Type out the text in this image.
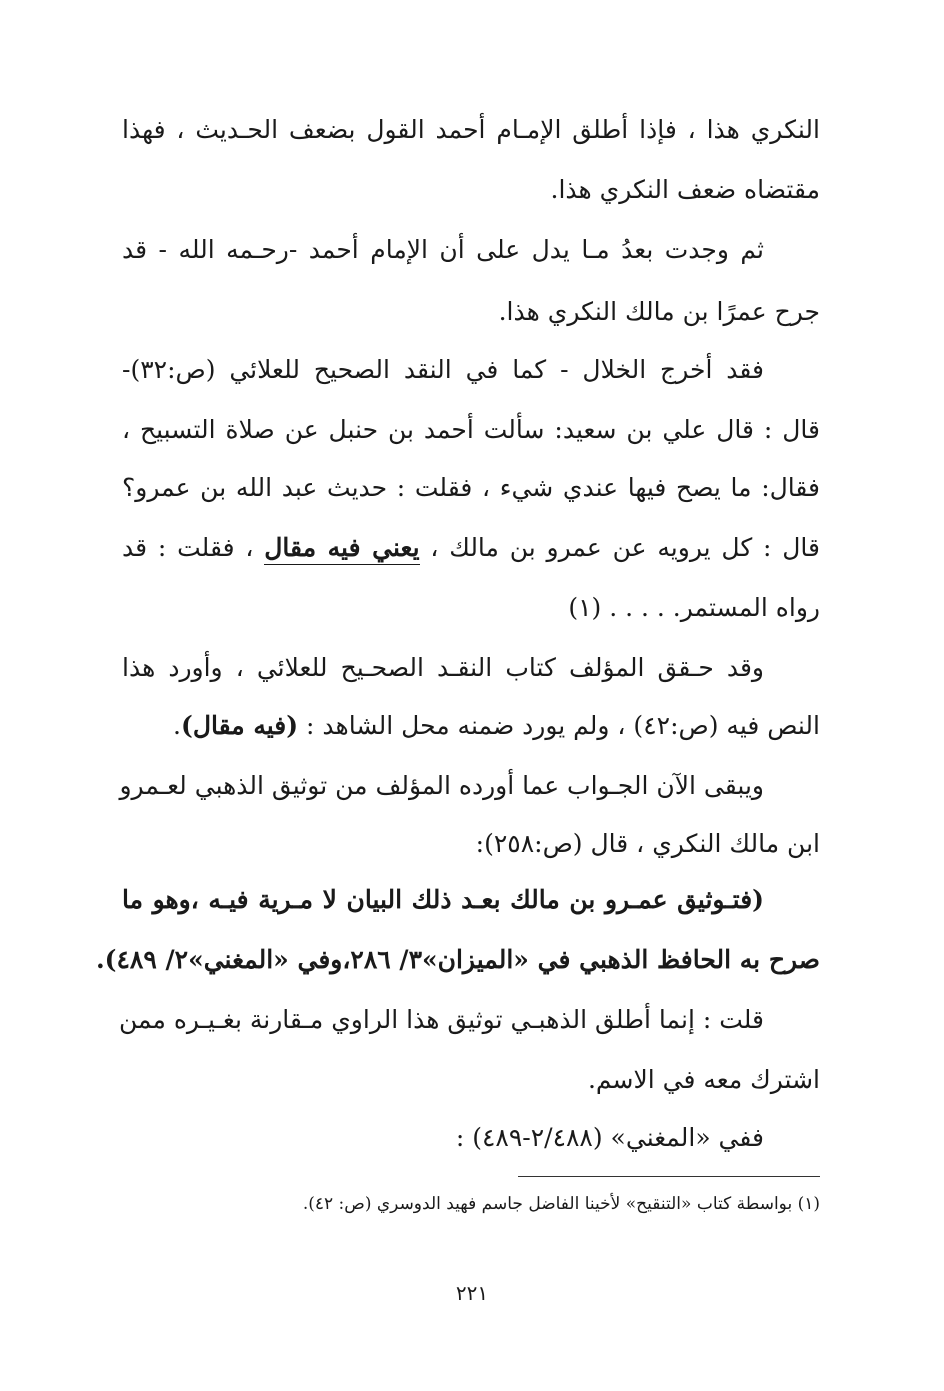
النكري هذا ، فإذا أطلق الإمـام أحمد القول بضعف الحـديث ، فهذا
مقتضاه ضعف النكري هذا.
ثم وجدت بعدُ مـا يدل على أن الإمام أحمد -رحـمه الله - قد
جرح عمرًا بن مالك النكري هذا.
فقد أخرج الخلال - كما في النقد الصحيح للعلائي (ص:٣٢)-
قال : قال علي بن سعيد: سألت أحمد بن حنبل عن صلاة التسبيح ،
فقال: ما يصح فيها عندي شيء ، فقلت : حديث عبد الله بن عمرو؟
قال : كل يرويه عن عمرو بن مالك ، يعني فيه مقال ، فقلت : قد
رواه المستمر. . . . . (١)
وقد حـقق المؤلف كتاب النقـد الصحـيح للعلائي ، وأورد هذا
النص فيه (ص:٤٢) ، ولم يورد ضمنه محل الشاهد : (فيه مقال).
ويبقى الآن الجـواب عما أورده المؤلف من توثيق الذهبي لعـمرو
ابن مالك النكري ، قال (ص:٢٥٨):
(فتـوثيق عمـرو بن مالك بعـد ذلك البيان لا مـرية فيـه ،وهو ما
صرح به الحافظ الذهبي في «الميزان»٣/ ٢٨٦،وفي «المغني»٢/ ٤٨٩).
قلت : إنما أطلق الذهبـي توثيق هذا الراوي مـقارنة بغـيـره ممن
اشترك معه في الاسم.
ففي «المغني» (٢/٤٨٨-٤٨٩) :
(١) بواسطة كتاب «التنقيح» لأخينا الفاضل جاسم فهيد الدوسري (ص: ٤٢).
٢٢١
